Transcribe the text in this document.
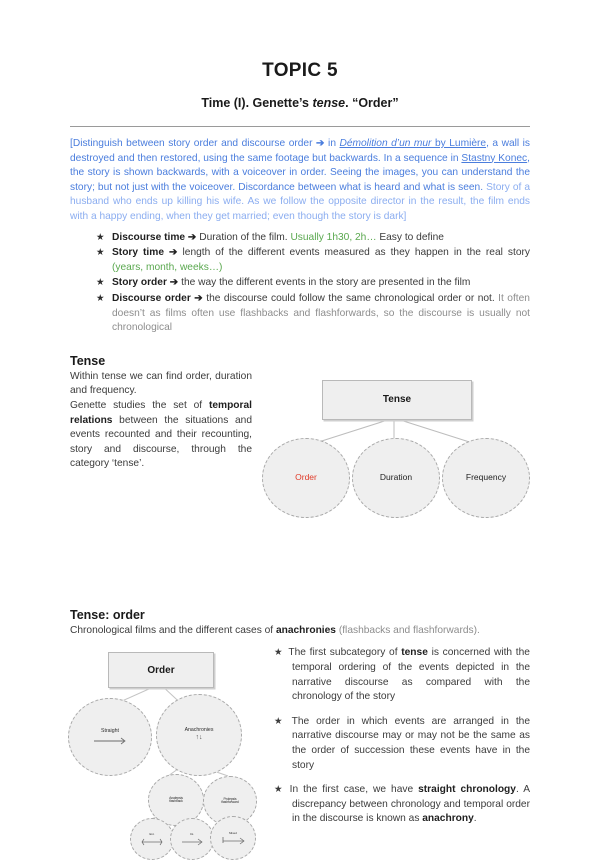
TOPIC 5
Time (I). Genette’s tense. “Order”

[Distinguish between story order and discourse order ➔ in Démolition d’un mur by Lumière, a wall is destroyed and then restored, using the same footage but backwards. In a sequence in Stastny Konec, the story is shown backwards, with a voiceover in order. Seeing the images, you can understand the story; but not just with the voiceover. Discordance between what is heard and what is seen. Story of a husband who ends up killing his wife. As we follow the opposite director in the result, the film ends with a happy ending, when they get married; even though the story is dark]

★ Discourse time ➔ Duration of the film. Usually 1h30, 2h… Easy to define
★ Story time ➔ length of the different events measured as they happen in the real story (years, month, weeks…)
★ Story order ➔ the way the different events in the story are presented in the film
★ Discourse order ➔ the discourse could follow the same chronological order or not. It often doesn’t as films often use flashbacks and flashforwards, so the discourse is usually not chronological
Tense

Within tense we can find order, duration and frequency.

Genette studies the set of temporal relations between the situations and events recounted and their recounting, story and discourse, through the category ‘tense’.

Tense
Order	Duration	Frequency
Tense: order

Chronological films and the different cases of anachronies (flashbacks and flashforwards).

Order
Straight	Anachronies
↑↓
Analepsis
flashback
Prolepsis
flashforward
Ext.	Int.	Mixed

★ The first subcategory of tense is concerned with the temporal ordering of the events depicted in the narrative discourse as compared with the chronology of the story

★ The order in which events are arranged in the narrative discourse may or may not be the same as the order of succession these events have in the story

★ In the first case, we have straight chronology. A discrepancy between chronology and temporal order in the discourse is known as anachrony.
